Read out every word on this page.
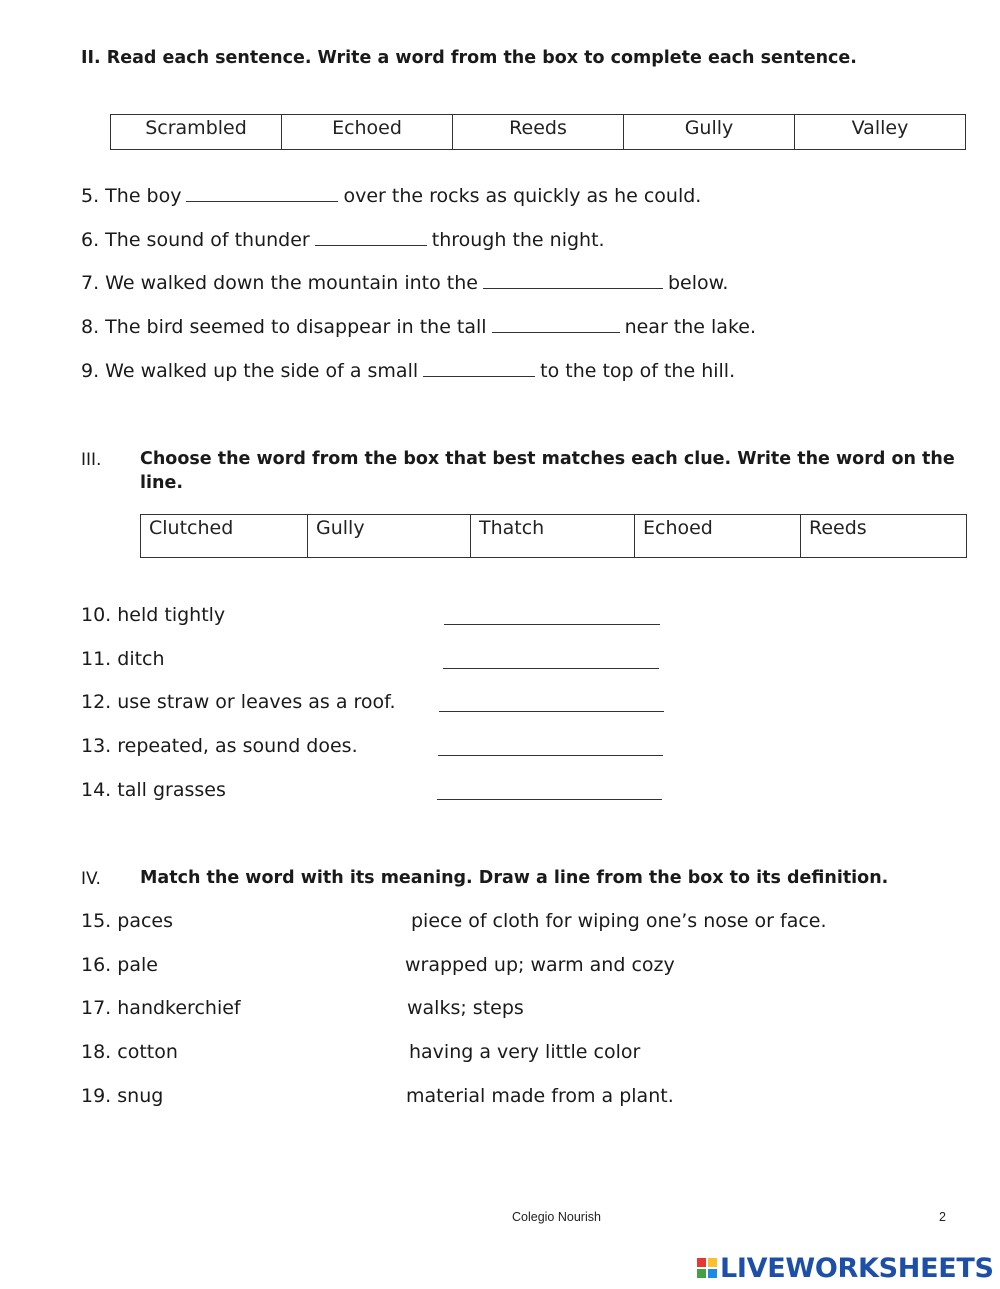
II. Read each sentence. Write a word from the box to complete each sentence.
Scrambled	Echoed	Reeds	Gully	Valley
5. The boy	over the rocks as quickly as he could.
6. The sound of thunder	through the night.
7. We walked down the mountain into the	below.
8. The bird seemed to disappear in the tall	near the lake.
9. We walked up the side of a small	to the top of the hill.
III. Choose the word from the box that best matches each clue. Write the word on the
line.
Clutched	Gully	Thatch	Echoed	Reeds
10. held tightly
11. ditch
12. use straw or leaves as a roof.
13. repeated, as sound does.
14. tall grasses
IV. Match the word with its meaning. Draw a line from the box to its definition.
15. paces	piece of cloth for wiping one’s nose or face.
16. pale	wrapped up; warm and cozy
17. handkerchief	walks; steps
18. cotton	having a very little color
19. snug	material made from a plant.
Colegio Nourish	2
LIVEWORKSHEETS
